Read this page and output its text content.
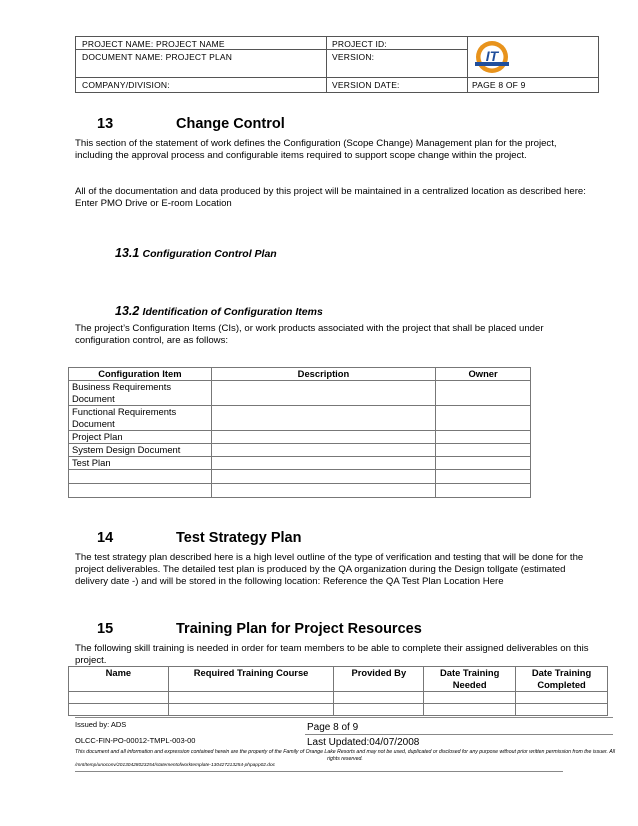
PROJECT NAME: PROJECT NAME	PROJECT ID:
DOCUMENT NAME: PROJECT PLAN	VERSION:
COMPANY/DIVISION:	VERSION DATE:	PAGE 8 OF 9
IT
13	Change Control
This section of the statement of work defines the Configuration (Scope Change) Management plan for the project, including the approval process and configurable items required to support scope change within the project.
All of the documentation and data produced by this project will be maintained in a centralized location as described here: Enter PMO Drive or E-room Location
13.1 Configuration Control Plan
13.2 Identification of Configuration Items
The project’s Configuration Items (CIs), or work products associated with the project that shall be placed under configuration control, are as follows:
Configuration Item	Description	Owner
Business Requirements Document		
Functional Requirements Document		
Project Plan		
System Design Document		
Test Plan		

14	Test Strategy Plan
The test strategy plan described here is a high level outline of the type of verification and testing that will be done for the project deliverables. The detailed test plan is produced by the QA organization during the Design tollgate (estimated delivery date -) and will be stored in the following location: Reference the QA Test Plan Location Here
15	Training Plan for Project Resources
The following skill training is needed in order for team members to be able to complete their assigned deliverables on this project.
Name	Required Training Course	Provided By	Date Training Needed	Date Training Completed

Issued by: ADS	Page 8 of 9
OLCC-FIN-PO-00012-TMPL-003-00	Last Updated:04/07/2008
This document and all information and expression contained herein are the property of the Family of Orange Lake Resorts and may not be used, duplicated or disclosed for any purpose without prior written permission from the issuer. All rights reserved.
/mnt/temp/unoconv/20130428023254/statementofworktemplate-130427213254-phpapp02.doc
